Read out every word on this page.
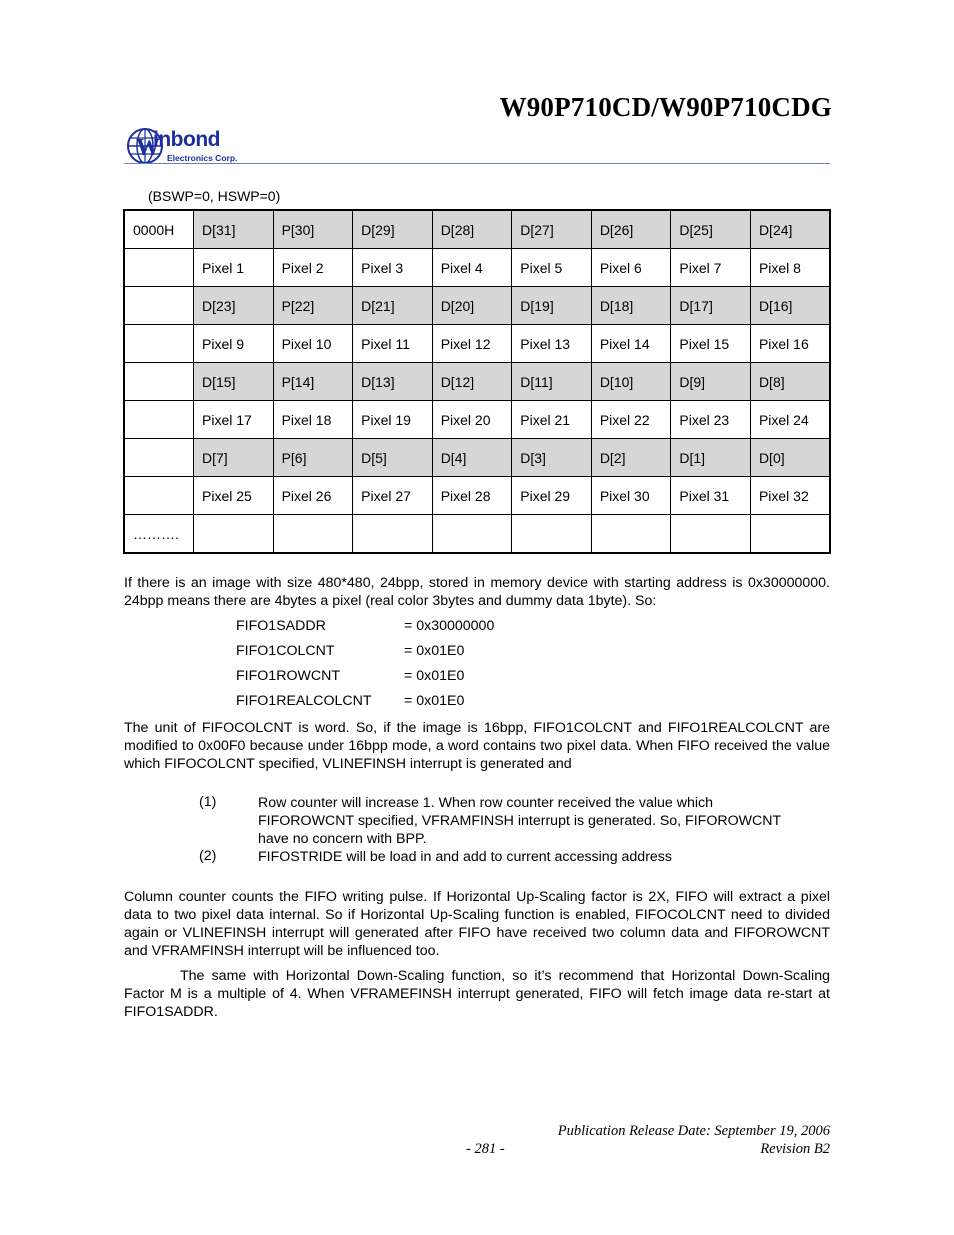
W90P710CD/W90P710CDG
W
inbond
Electronics Corp.
(BSWP=0, HSWP=0)
0000H	D[31]	P[30]	D[29]	D[28]	D[27]	D[26]	D[25]	D[24]
	Pixel 1	Pixel 2	Pixel 3	Pixel 4	Pixel 5	Pixel 6	Pixel 7	Pixel 8
	D[23]	P[22]	D[21]	D[20]	D[19]	D[18]	D[17]	D[16]
	Pixel 9	Pixel 10	Pixel 11	Pixel 12	Pixel 13	Pixel 14	Pixel 15	Pixel 16
	D[15]	P[14]	D[13]	D[12]	D[11]	D[10]	D[9]	D[8]
	Pixel 17	Pixel 18	Pixel 19	Pixel 20	Pixel 21	Pixel 22	Pixel 23	Pixel 24
	D[7]	P[6]	D[5]	D[4]	D[3]	D[2]	D[1]	D[0]
	Pixel 25	Pixel 26	Pixel 27	Pixel 28	Pixel 29	Pixel 30	Pixel 31	Pixel 32
……….								

If there is an image with size 480*480, 24bpp, stored in memory device with starting address is 0x30000000. 24bpp means there are 4bytes a pixel (real color 3bytes and dummy data 1byte). So:

FIFO1SADDR	= 0x30000000
FIFO1COLCNT	= 0x01E0
FIFO1ROWCNT	= 0x01E0
FIFO1REALCOLCNT = 0x01E0

The unit of FIFOCOLCNT is word. So, if the image is 16bpp, FIFO1COLCNT and FIFO1REALCOLCNT are modified to 0x00F0 because under 16bpp mode, a word contains two pixel data. When FIFO received the value which FIFOCOLCNT specified, VLINEFINSH interrupt is generated and

(1)	Row counter will increase 1. When row counter received the value which FIFOROWCNT specified, VFRAMFINSH interrupt is generated. So, FIFOROWCNT have no concern with BPP.
(2)	FIFOSTRIDE will be load in and add to current accessing address

Column counter counts the FIFO writing pulse. If Horizontal Up-Scaling factor is 2X, FIFO will extract a pixel data to two pixel data internal. So if Horizontal Up-Scaling function is enabled, FIFOCOLCNT need to divided again or VLINEFINSH interrupt will generated after FIFO have received two column data and FIFOROWCNT and VFRAMFINSH interrupt will be influenced too.

The same with Horizontal Down-Scaling function, so it’s recommend that Horizontal Down-Scaling Factor M is a multiple of 4. When VFRAMEFINSH interrupt generated, FIFO will fetch image data re-start at FIFO1SADDR.

Publication Release Date: September 19, 2006
- 281 -	Revision B2
